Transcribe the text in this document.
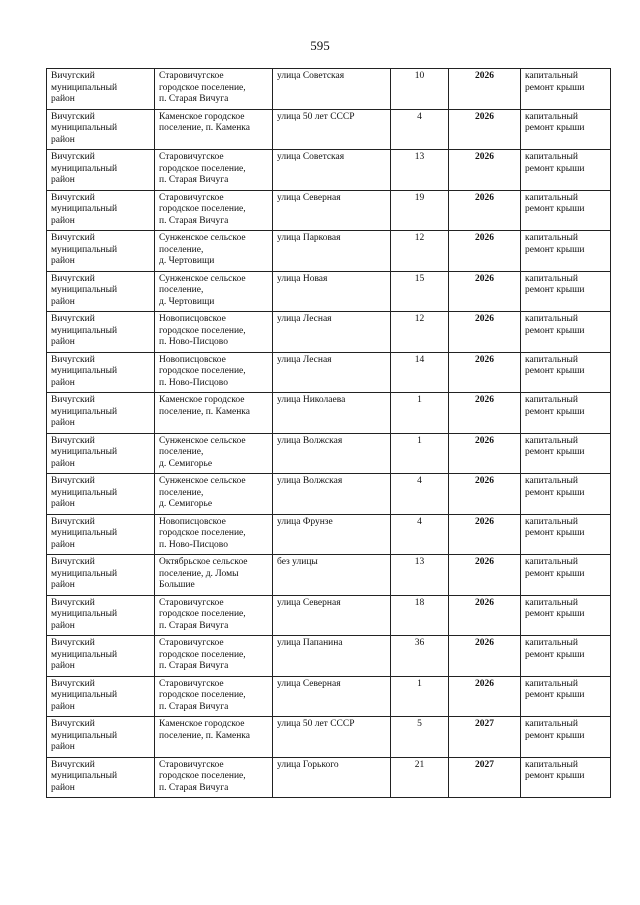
595
Вичугский
муниципальный
район	Старовичугское
городское поселение,
п. Старая Вичуга	улица Советская	10	2026	капитальный
ремонт крыши

Вичугский
муниципальный
район	Каменское городское
поселение, п. Каменка	улица 50 лет СССР	4	2026	капитальный
ремонт крыши

Вичугский
муниципальный
район	Старовичугское
городское поселение,
п. Старая Вичуга	улица Советская	13	2026	капитальный
ремонт крыши

Вичугский
муниципальный
район	Старовичугское
городское поселение,
п. Старая Вичуга	улица Северная	19	2026	капитальный
ремонт крыши

Вичугский
муниципальный
район	Сунженское сельское
поселение,
д. Чертовищи	улица Парковая	12	2026	капитальный
ремонт крыши

Вичугский
муниципальный
район	Сунженское сельское
поселение,
д. Чертовищи	улица Новая	15	2026	капитальный
ремонт крыши

Вичугский
муниципальный
район	Новописцовское
городское поселение,
п. Ново-Писцово	улица Лесная	12	2026	капитальный
ремонт крыши

Вичугский
муниципальный
район	Новописцовское
городское поселение,
п. Ново-Писцово	улица Лесная	14	2026	капитальный
ремонт крыши

Вичугский
муниципальный
район	Каменское городское
поселение, п. Каменка	улица Николаева	1	2026	капитальный
ремонт крыши

Вичугский
муниципальный
район	Сунженское сельское
поселение,
д. Семигорье	улица Волжская	1	2026	капитальный
ремонт крыши

Вичугский
муниципальный
район	Сунженское сельское
поселение,
д. Семигорье	улица Волжская	4	2026	капитальный
ремонт крыши

Вичугский
муниципальный
район	Новописцовское
городское поселение,
п. Ново-Писцово	улица Фрунзе	4	2026	капитальный
ремонт крыши

Вичугский
муниципальный
район	Октябрьское сельское
поселение, д. Ломы
Большие	без улицы	13	2026	капитальный
ремонт крыши

Вичугский
муниципальный
район	Старовичугское
городское поселение,
п. Старая Вичуга	улица Северная	18	2026	капитальный
ремонт крыши

Вичугский
муниципальный
район	Старовичугское
городское поселение,
п. Старая Вичуга	улица Папанина	36	2026	капитальный
ремонт крыши

Вичугский
муниципальный
район	Старовичугское
городское поселение,
п. Старая Вичуга	улица Северная	1	2026	капитальный
ремонт крыши

Вичугский
муниципальный
район	Каменское городское
поселение, п. Каменка	улица 50 лет СССР	5	2027	капитальный
ремонт крыши

Вичугский
муниципальный
район	Старовичугское
городское поселение,
п. Старая Вичуга	улица Горького	21	2027	капитальный
ремонт крыши
